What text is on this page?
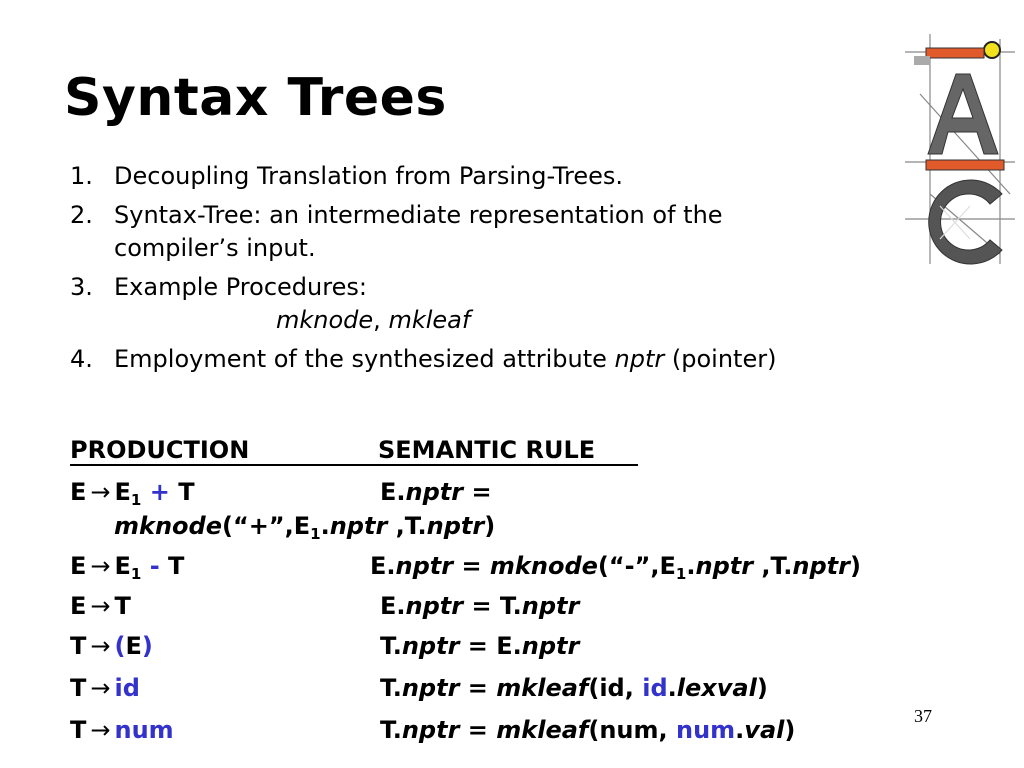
Syntax Trees
1. Decoupling Translation from Parsing-Trees.
2. Syntax-Tree: an intermediate representation of the compiler’s input.
3. Example Procedures:
mknode, mkleaf
4. Employment of the synthesized attribute nptr (pointer)
PRODUCTION	SEMANTIC RULE
$E \to E_1 + T$	E.nptr =
$mknode(“+”,E_1.nptr$ ,T.nptr)
$E \to E_1 - T$	E.nptr = $mknode(“-”,E_1.nptr$ ,T.nptr)
E → T	E.nptr = T.nptr
T → (E)	T.nptr = E.nptr
T → id	T.nptr = mkleaf(id, id.lexval)
T → num	T.nptr = mkleaf(num, num.val)	37
